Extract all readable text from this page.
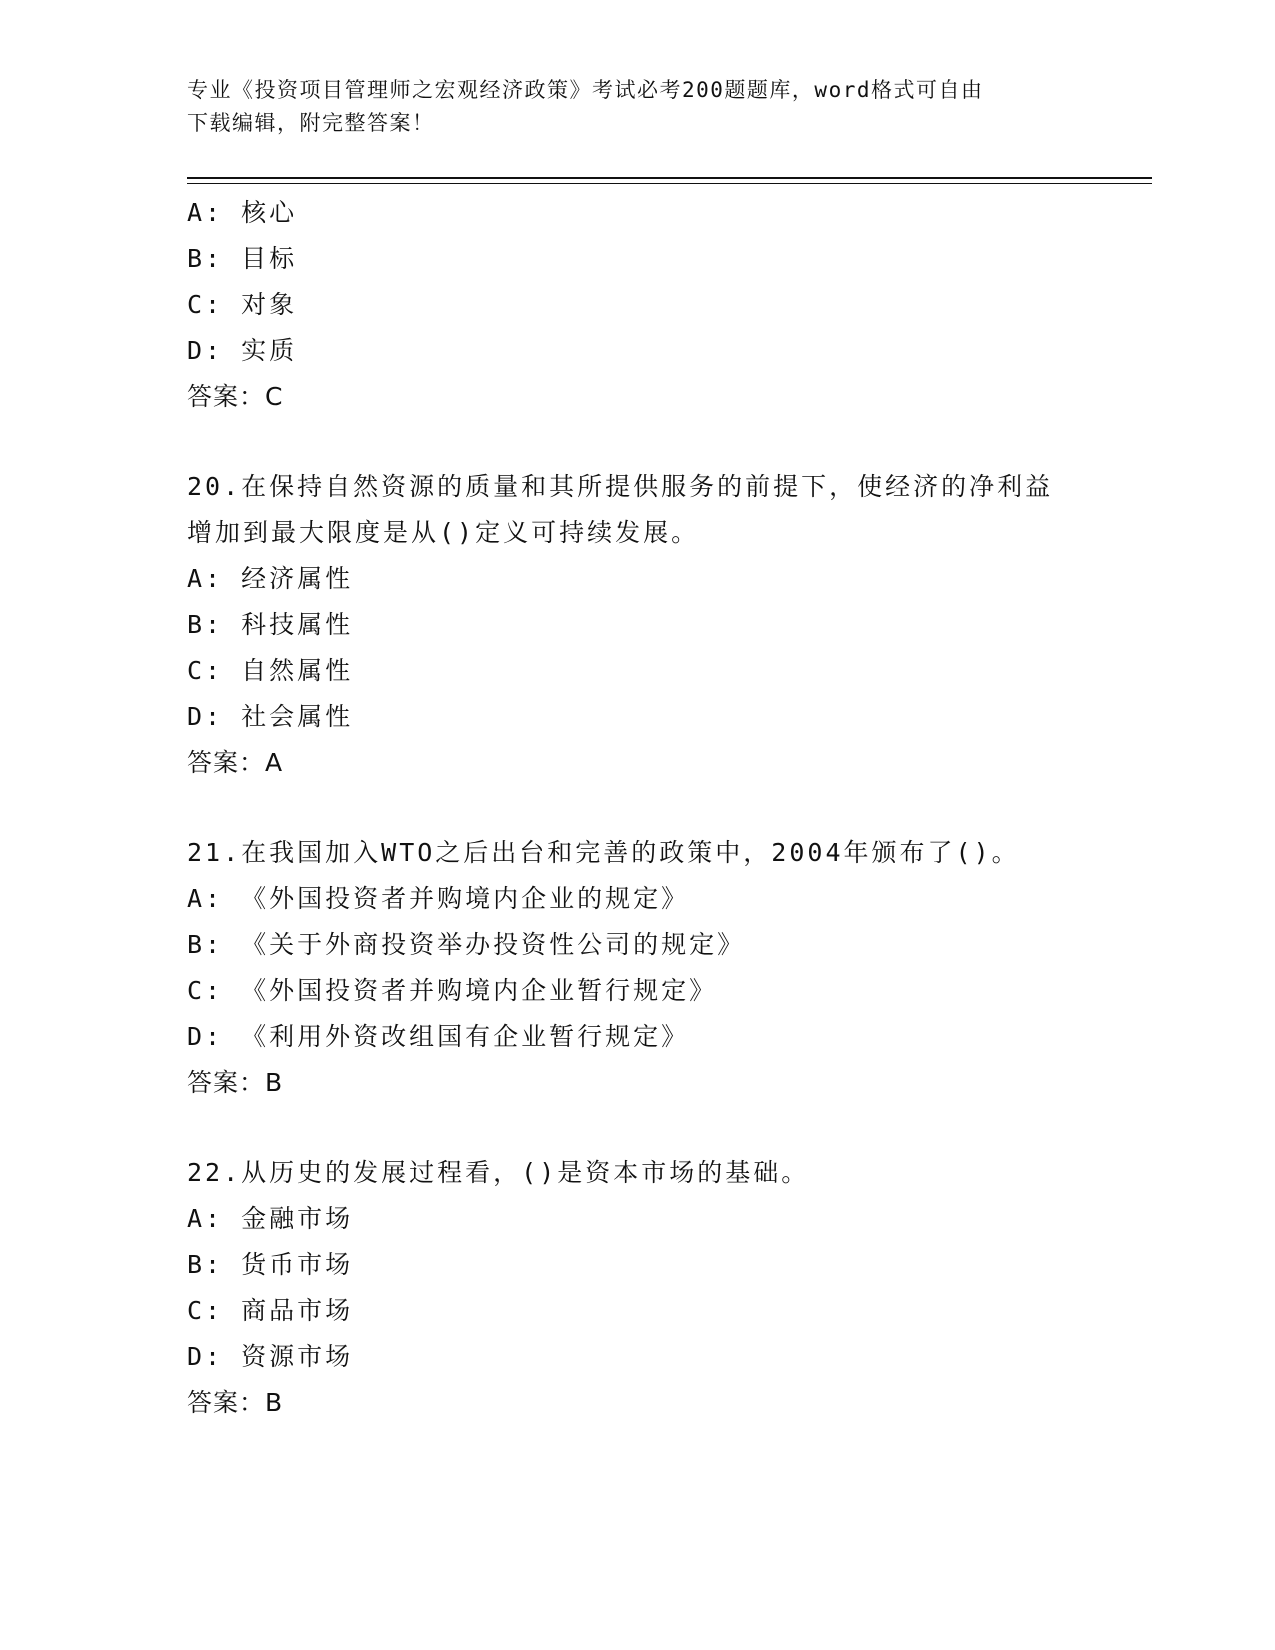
专业《投资项目管理师之宏观经济政策》考试必考200题题库，word格式可自由
下载编辑，附完整答案！
A: 核心
B: 目标
C: 对象
D: 实质
答案：C
20.在保持自然资源的质量和其所提供服务的前提下，使经济的净利益
增加到最大限度是从()定义可持续发展。
A: 经济属性
B: 科技属性
C: 自然属性
D: 社会属性
答案：A
21.在我国加入WTO之后出台和完善的政策中，2004年颁布了()。
A: 《外国投资者并购境内企业的规定》
B: 《关于外商投资举办投资性公司的规定》
C: 《外国投资者并购境内企业暂行规定》
D: 《利用外资改组国有企业暂行规定》
答案：B
22.从历史的发展过程看，()是资本市场的基础。
A: 金融市场
B: 货币市场
C: 商品市场
D: 资源市场
答案：B
